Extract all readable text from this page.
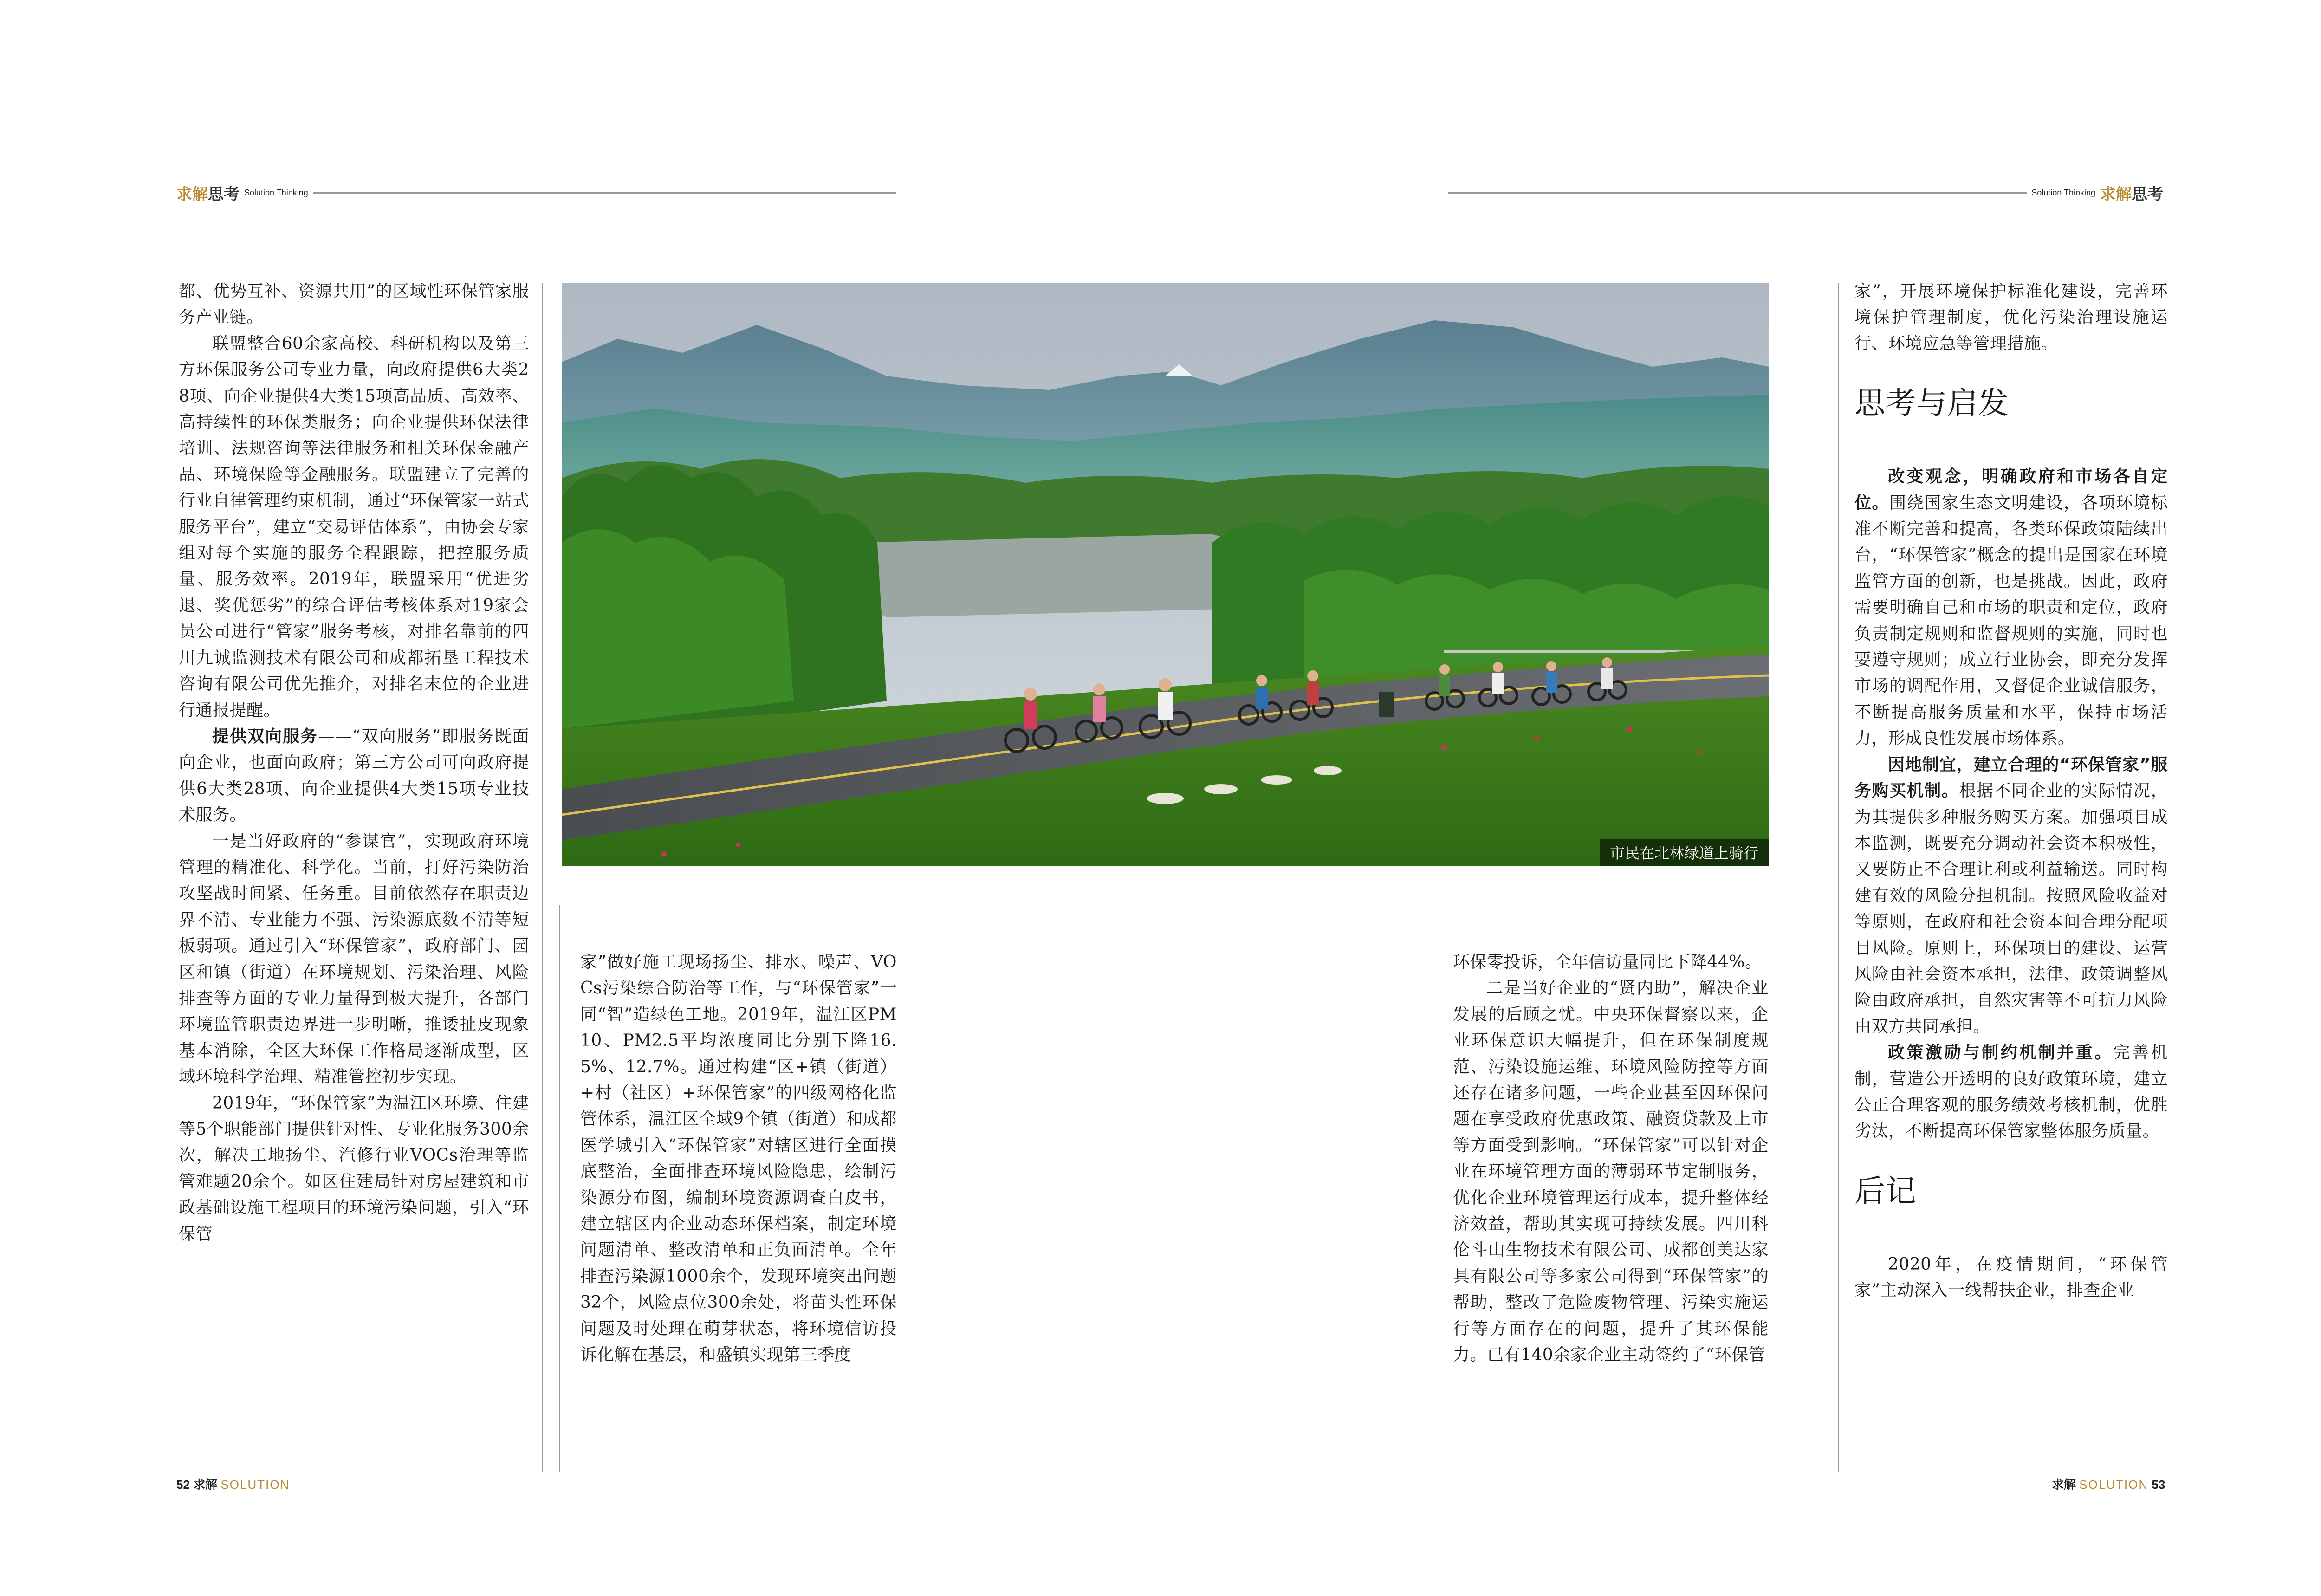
求解思考 Solution Thinking	Solution Thinking 求解思考

都、优势互补、资源共用”的区域性环保管家服务产业链。

联盟整合60余家高校、科研机构以及第三方环保服务公司专业力量，向政府提供6大类28项、向企业提供4大类15项高品质、高效率、高持续性的环保类服务；向企业提供环保法律培训、法规咨询等法律服务和相关环保金融产品、环境保险等金融服务。联盟建立了完善的行业自律管理约束机制，通过“环保管家一站式服务平台”，建立“交易评估体系”，由协会专家组对每个实施的服务全程跟踪，把控服务质量、服务效率。2019年，联盟采用“优进劣退、奖优惩劣”的综合评估考核体系对19家会员公司进行“管家”服务考核，对排名靠前的四川九诚监测技术有限公司和成都拓垦工程技术咨询有限公司优先推介，对排名末位的企业进行通报提醒。

提供双向服务——“双向服务”即服务既面向企业，也面向政府；第三方公司可向政府提供6大类28项、向企业提供4大类15项专业技术服务。

一是当好政府的“参谋官”，实现政府环境管理的精准化、科学化。当前，打好污染防治攻坚战时间紧、任务重。目前依然存在职责边界不清、专业能力不强、污染源底数不清等短板弱项。通过引入“环保管家”，政府部门、园区和镇（街道）在环境规划、污染治理、风险排查等方面的专业力量得到极大提升，各部门环境监管职责边界进一步明晰，推诿扯皮现象基本消除，全区大环保工作格局逐渐成型，区域环境科学治理、精准管控初步实现。

2019年，“环保管家”为温江区环境、住建等5个职能部门提供针对性、专业化服务300余次，解决工地扬尘、汽修行业VOCs治理等监管难题20余个。如区住建局针对房屋建筑和市政基础设施工程项目的环境污染问题，引入“环保管

市民在北林绿道上骑行

家”做好施工现场扬尘、排水、噪声、VOCs污染综合防治等工作，与“环保管家”一同“智”造绿色工地。2019年，温江区PM10、PM2.5平均浓度同比分别下降16.5%、12.7%。通过构建“区+镇（街道）+村（社区）+环保管家”的四级网格化监管体系，温江区全域9个镇（街道）和成都医学城引入“环保管家”对辖区进行全面摸底整治，全面排查环境风险隐患，绘制污染源分布图，编制环境资源调查白皮书，建立辖区内企业动态环保档案，制定环境问题清单、整改清单和正负面清单。全年排查污染源1000余个，发现环境突出问题32个，风险点位300余处，将苗头性环保问题及时处理在萌芽状态，将环境信访投诉化解在基层，和盛镇实现第三季度

环保零投诉，全年信访量同比下降44%。

二是当好企业的“贤内助”，解决企业发展的后顾之忧。中央环保督察以来，企业环保意识大幅提升，但在环保制度规范、污染设施运维、环境风险防控等方面还存在诸多问题，一些企业甚至因环保问题在享受政府优惠政策、融资贷款及上市等方面受到影响。“环保管家”可以针对企业在环境管理方面的薄弱环节定制服务，优化企业环境管理运行成本，提升整体经济效益，帮助其实现可持续发展。四川科伦斗山生物技术有限公司、成都创美达家具有限公司等多家公司得到“环保管家”的帮助，整改了危险废物管理、污染实施运行等方面存在的问题，提升了其环保能力。已有140余家企业主动签约了“环保管

家”，开展环境保护标准化建设，完善环境保护管理制度，优化污染治理设施运行、环境应急等管理措施。

思考与启发

改变观念，明确政府和市场各自定位。围绕国家生态文明建设，各项环境标准不断完善和提高，各类环保政策陆续出台，“环保管家”概念的提出是国家在环境监管方面的创新，也是挑战。因此，政府需要明确自己和市场的职责和定位，政府负责制定规则和监督规则的实施，同时也要遵守规则；成立行业协会，即充分发挥市场的调配作用，又督促企业诚信服务，不断提高服务质量和水平，保持市场活力，形成良性发展市场体系。

因地制宜，建立合理的“环保管家”服务购买机制。根据不同企业的实际情况，为其提供多种服务购买方案。加强项目成本监测，既要充分调动社会资本积极性，又要防止不合理让利或利益输送。同时构建有效的风险分担机制。按照风险收益对等原则，在政府和社会资本间合理分配项目风险。原则上，环保项目的建设、运营风险由社会资本承担，法律、政策调整风险由政府承担，自然灾害等不可抗力风险由双方共同承担。

政策激励与制约机制并重。完善机制，营造公开透明的良好政策环境，建立公正合理客观的服务绩效考核机制，优胜劣汰，不断提高环保管家整体服务质量。

后记

2020年，在疫情期间，“环保管家”主动深入一线帮扶企业，排查企业

52 求解 SOLUTION	求解 SOLUTION 53
